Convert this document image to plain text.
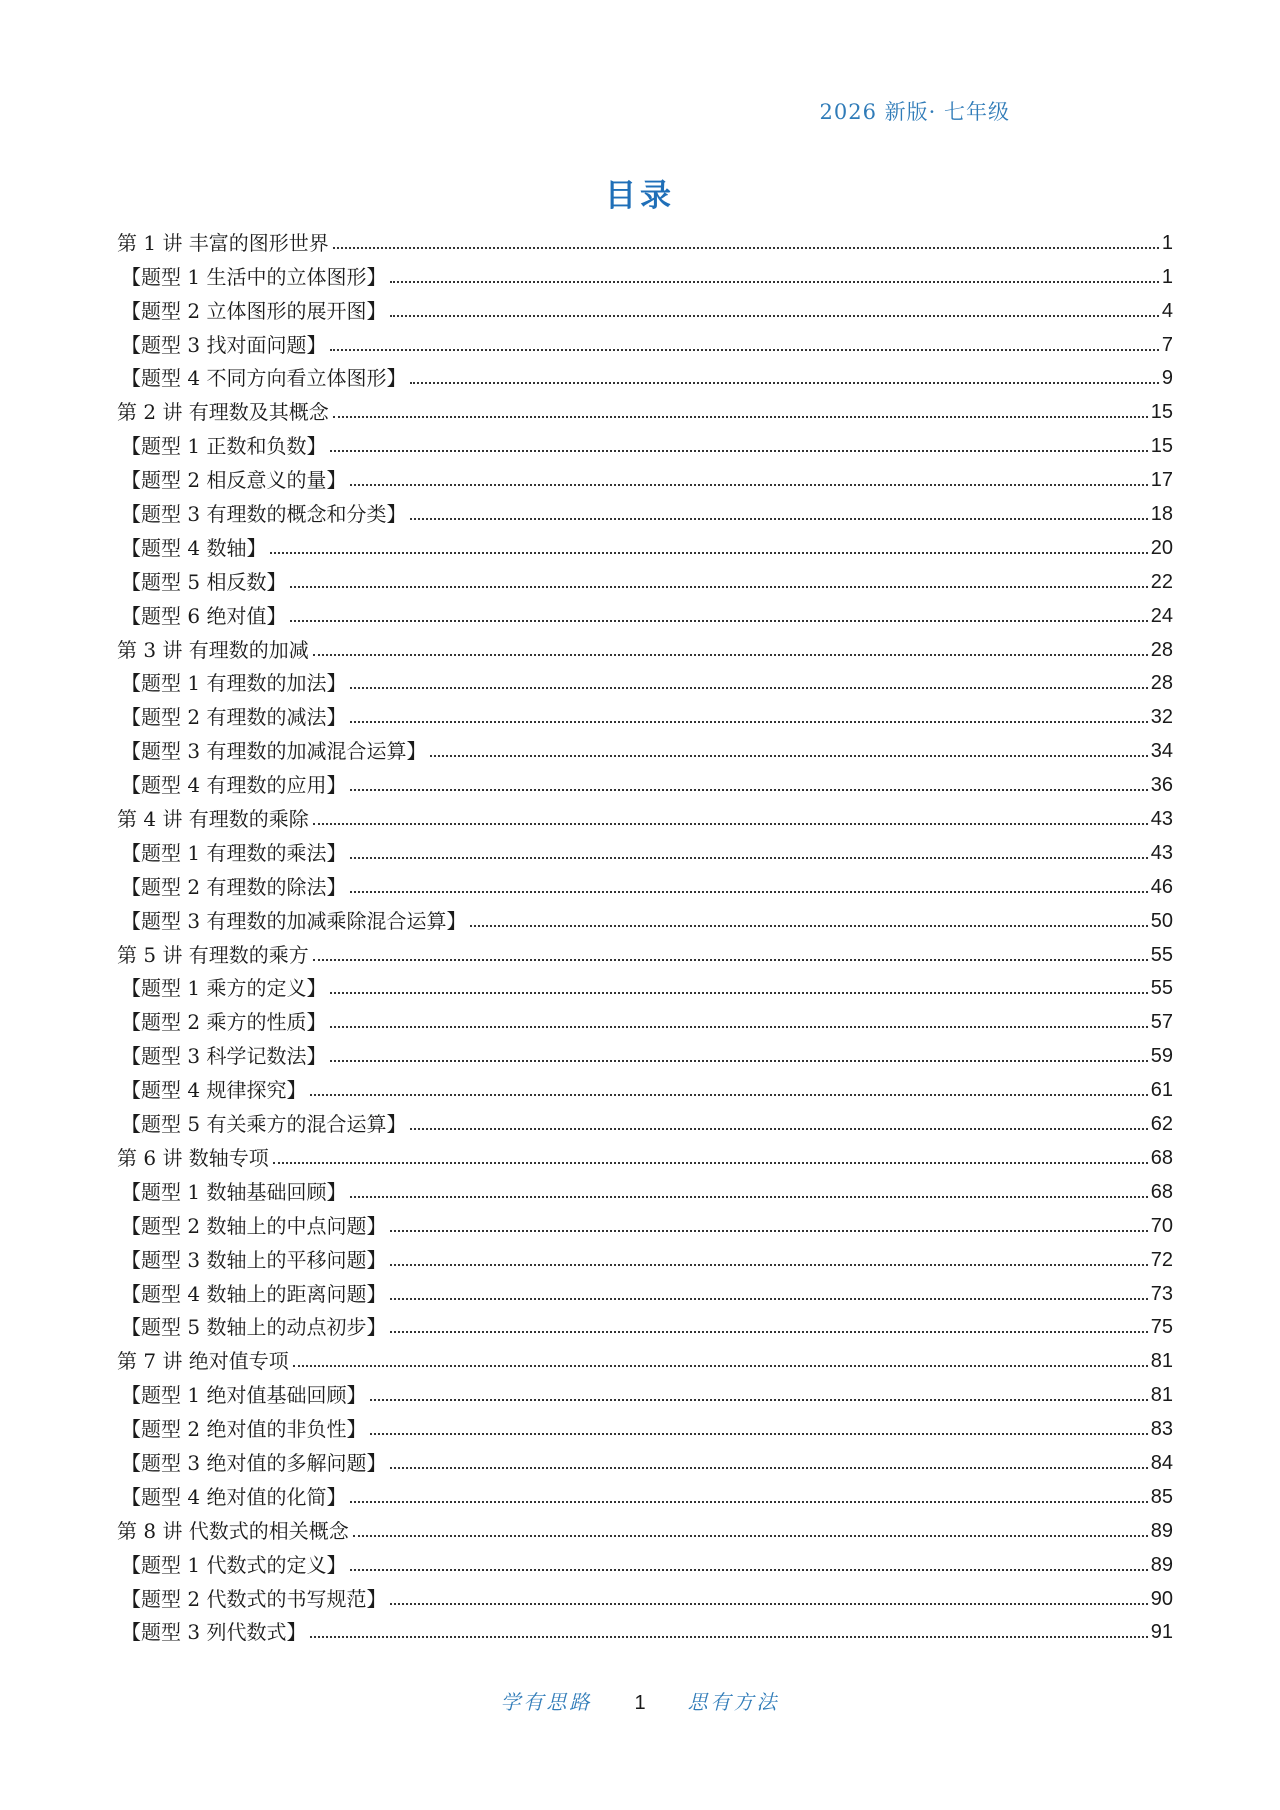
2026 新版· 七年级
目录
第 1 讲 丰富的图形世界	1
【题型 1 生活中的立体图形】	1
【题型 2 立体图形的展开图】	4
【题型 3 找对面问题】	7
【题型 4 不同方向看立体图形】	9
第 2 讲 有理数及其概念	15
【题型 1 正数和负数】	15
【题型 2 相反意义的量】	17
【题型 3 有理数的概念和分类】	18
【题型 4 数轴】	20
【题型 5 相反数】	22
【题型 6 绝对值】	24
第 3 讲 有理数的加减	28
【题型 1 有理数的加法】	28
【题型 2 有理数的减法】	32
【题型 3 有理数的加减混合运算】	34
【题型 4 有理数的应用】	36
第 4 讲 有理数的乘除	43
【题型 1 有理数的乘法】	43
【题型 2 有理数的除法】	46
【题型 3 有理数的加减乘除混合运算】	50
第 5 讲 有理数的乘方	55
【题型 1 乘方的定义】	55
【题型 2 乘方的性质】	57
【题型 3 科学记数法】	59
【题型 4 规律探究】	61
【题型 5 有关乘方的混合运算】	62
第 6 讲 数轴专项	68
【题型 1 数轴基础回顾】	68
【题型 2 数轴上的中点问题】	70
【题型 3 数轴上的平移问题】	72
【题型 4 数轴上的距离问题】	73
【题型 5 数轴上的动点初步】	75
第 7 讲 绝对值专项	81
【题型 1 绝对值基础回顾】	81
【题型 2 绝对值的非负性】	83
【题型 3 绝对值的多解问题】	84
【题型 4 绝对值的化简】	85
第 8 讲 代数式的相关概念	89
【题型 1 代数式的定义】	89
【题型 2 代数式的书写规范】	90
【题型 3 列代数式】	91
学有思路 1 思有方法
